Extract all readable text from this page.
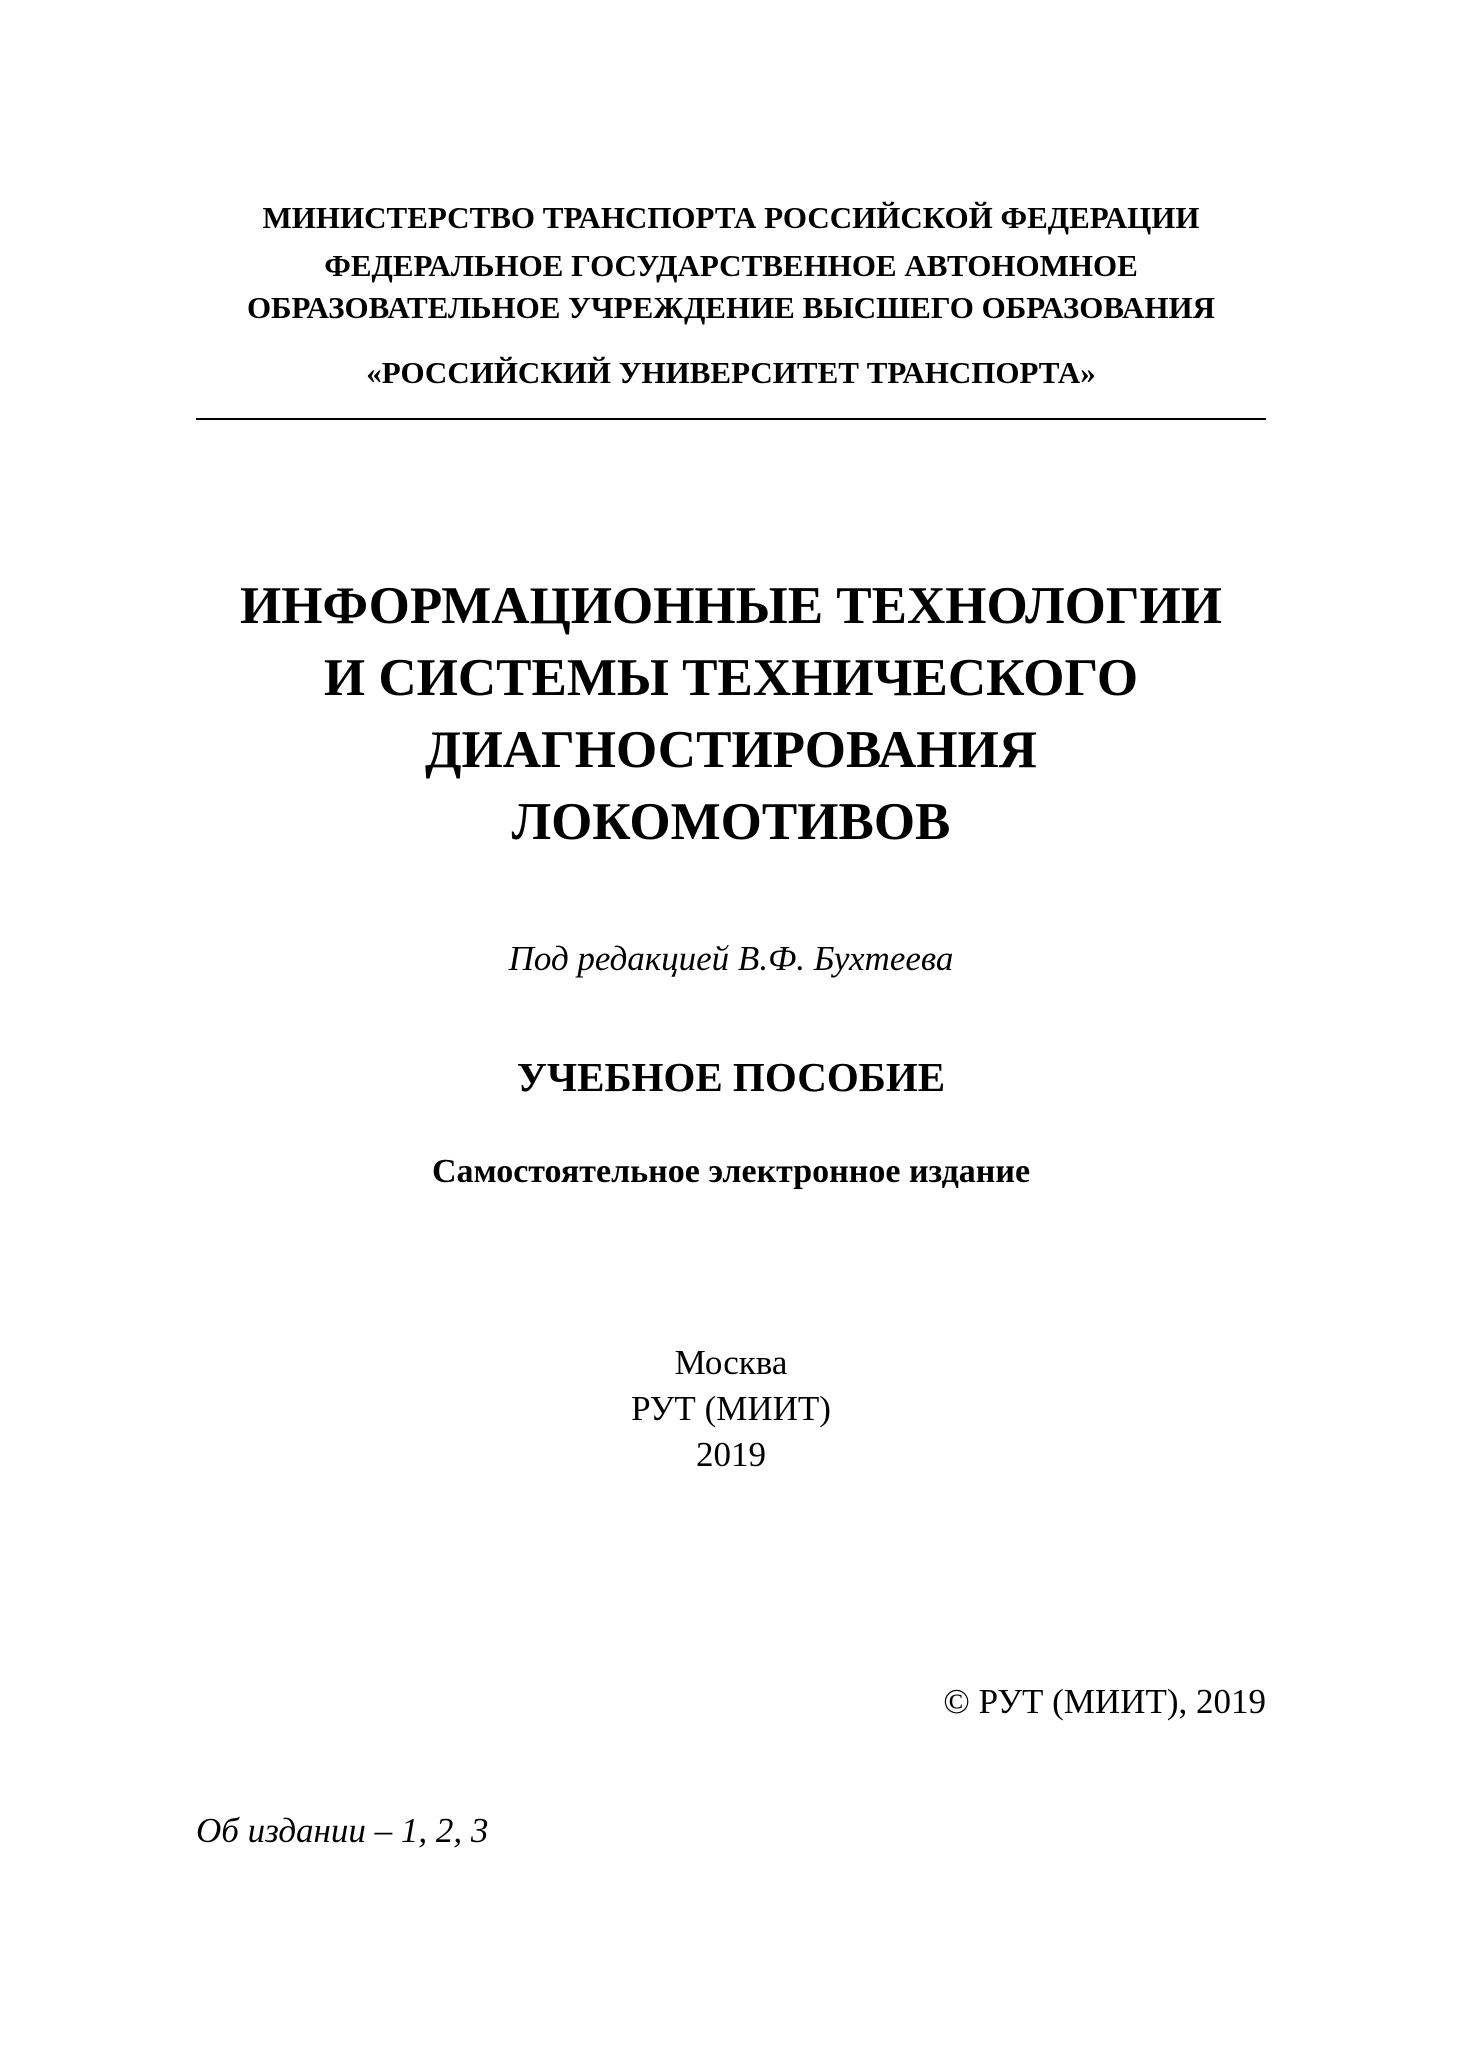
МИНИСТЕРСТВО ТРАНСПОРТА РОССИЙСКОЙ ФЕДЕРАЦИИ
ФЕДЕРАЛЬНОЕ ГОСУДАРСТВЕННОЕ АВТОНОМНОЕ
ОБРАЗОВАТЕЛЬНОЕ УЧРЕЖДЕНИЕ ВЫСШЕГО ОБРАЗОВАНИЯ
«РОССИЙСКИЙ УНИВЕРСИТЕТ ТРАНСПОРТА»
ИНФОРМАЦИОННЫЕ ТЕХНОЛОГИИ
И СИСТЕМЫ ТЕХНИЧЕСКОГО
ДИАГНОСТИРОВАНИЯ
ЛОКОМОТИВОВ
Под редакцией В.Ф. Бухтеева
УЧЕБНОЕ ПОСОБИЕ
Самостоятельное электронное издание
Москва
РУТ (МИИТ)
2019
© РУТ (МИИТ), 2019
Об издании – 1, 2, 3
